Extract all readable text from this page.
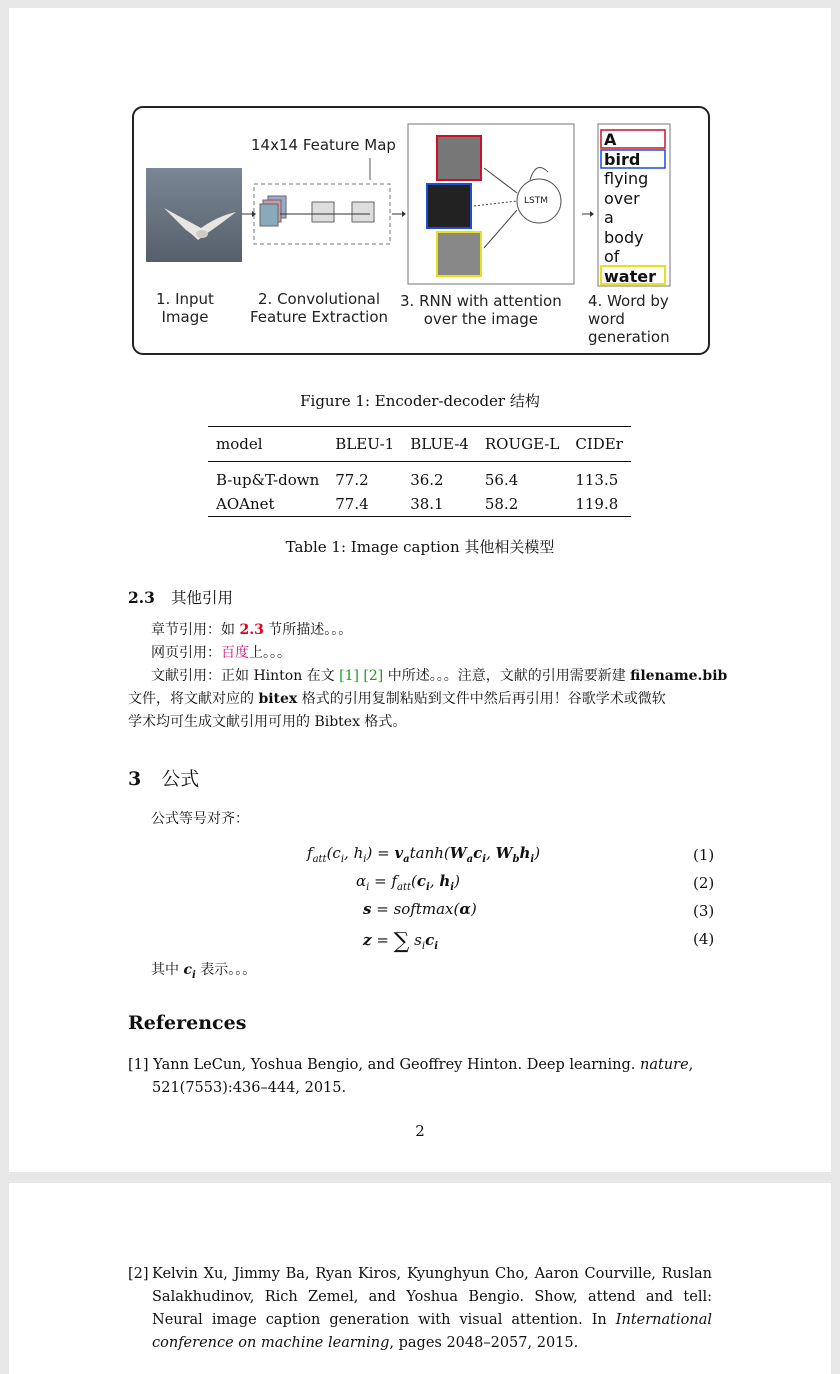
14x14 Feature Map
LSTM
A
bird
flying
over
a
body
of
water
1. Input
Image
2. Convolutional
Feature Extraction
3. RNN with attention
over the image
4. Word by
word
generation
Figure 1: Encoder-decoder 结构
model	BLEU-1	BLUE-4	ROUGE-L	CIDEr
B-up&T-down	77.2	36.2	56.4	113.5
AOAnet	77.4	38.1	58.2	119.8
Table 1: Image caption 其他相关模型
2.3 其他引用
章节引用：如 2.3 节所描述。。。
网页引用：百度上。。。
文献引用：正如 Hinton 在文 [1] [2] 中所述。。。注意，文献的引用需要新建 filename.bib
文件，将文献对应的 bitex 格式的引用复制粘贴到文件中然后再引用！谷歌学术或微软
学术均可生成文献引用可用的 Bibtex 格式。
3 公式
公式等号对齐：
$f_{att}(c_i$, $h_i) = v_a\tanh(W_ac_i$, $W_bh_i$)	(1)
$\alpha_i = f_{att}(c_i$, $h_i$)	(2)
s = softmax(α)	(3)
z = ∑ $s_ic_i$	(4)
其中 $c_i$ 表示。。。
References
[1] Yann LeCun, Yoshua Bengio, and Geoffrey Hinton. Deep learning. nature,
521(7553):436–444, 2015.
2
[2] Kelvin Xu, Jimmy Ba, Ryan Kiros, Kyunghyun Cho, Aaron Courville, Ruslan Salakhudinov, Rich Zemel, and Yoshua Bengio. Show, attend and tell: Neural image caption generation with visual attention. In International conference on machine learning, pages 2048–2057, 2015.
